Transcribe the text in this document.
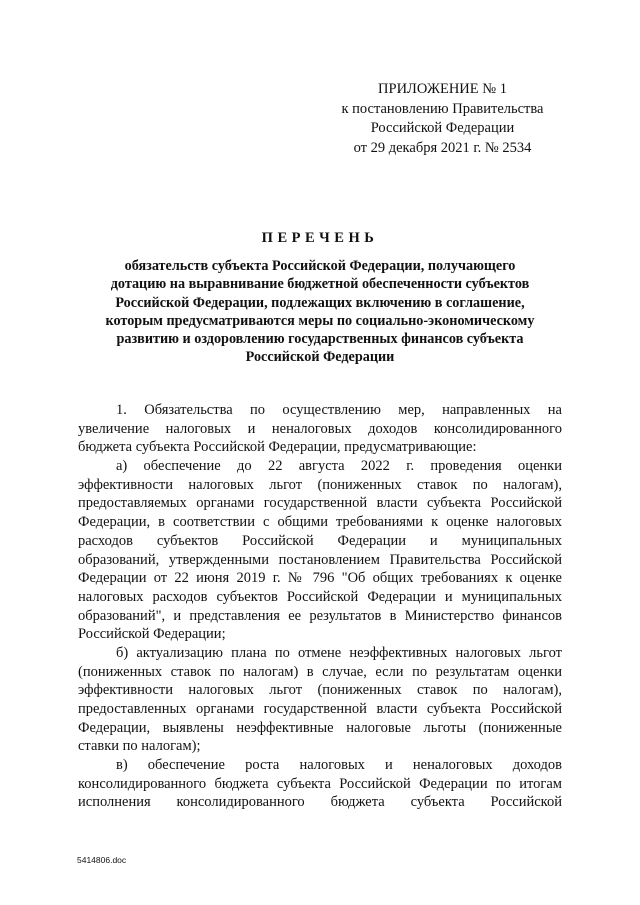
ПРИЛОЖЕНИЕ № 1
к постановлению Правительства
Российской Федерации
от 29 декабря 2021 г. № 2534
ПЕРЕЧЕНЬ
обязательств субъекта Российской Федерации, получающего
дотацию на выравнивание бюджетной обеспеченности субъектов
Российской Федерации, подлежащих включению в соглашение,
которым предусматриваются меры по социально-экономическому
развитию и оздоровлению государственных финансов субъекта
Российской Федерации
1. Обязательства по осуществлению мер, направленных на
увеличение налоговых и неналоговых доходов консолидированного
бюджета субъекта Российской Федерации, предусматривающие:
а) обеспечение до 22 августа 2022 г. проведения оценки
эффективности налоговых льгот (пониженных ставок по налогам),
предоставляемых органами государственной власти субъекта Российской
Федерации, в соответствии с общими требованиями к оценке налоговых
расходов субъектов Российской Федерации и муниципальных
образований, утвержденными постановлением Правительства Российской
Федерации от 22 июня 2019 г. № 796 "Об общих требованиях к оценке
налоговых расходов субъектов Российской Федерации и муниципальных
образований", и представления ее результатов в Министерство финансов
Российской Федерации;
б) актуализацию плана по отмене неэффективных налоговых льгот
(пониженных ставок по налогам) в случае, если по результатам оценки
эффективности налоговых льгот (пониженных ставок по налогам),
предоставленных органами государственной власти субъекта Российской
Федерации, выявлены неэффективные налоговые льготы (пониженные
ставки по налогам);
в) обеспечение роста налоговых и неналоговых доходов
консолидированного бюджета субъекта Российской Федерации по итогам
исполнения консолидированного бюджета субъекта Российской
5414806.doc
